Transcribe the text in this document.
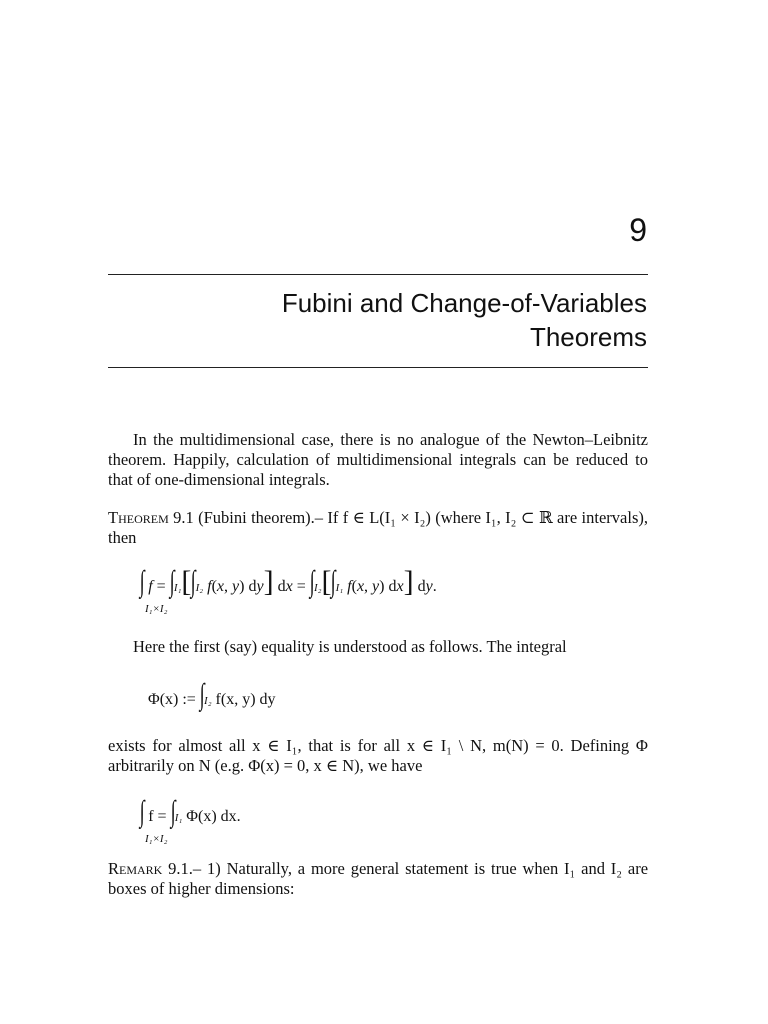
9
Fubini and Change-of-Variables
Theorems
In the multidimensional case, there is no analogue of the Newton–Leibnitz theorem. Happily, calculation of multidimensional integrals can be reduced to that of one-dimensional integrals.
Theorem 9.1 (Fubini theorem).– If f ∈ L(I₁ × I₂) (where I₁, I₂ ⊂ ℝ are intervals), then
∫ f = ∫I₁[∫I₂ f(x, y) dy] dx = ∫I₂[∫I₁ f(x, y) dx] dy.
I₁×I₂
Here the first (say) equality is understood as follows. The integral
Φ(x) := ∫I₂ f(x, y) dy
exists for almost all x ∈ I₁, that is for all x ∈ I₁ \ N, m(N) = 0. Defining Φ arbitrarily on N (e.g. Φ(x) = 0, x ∈ N), we have
∫ f = ∫I₁ Φ(x) dx.
I₁×I₂
Remark 9.1.– 1) Naturally, a more general statement is true when I₁ and I₂ are boxes of higher dimensions:
